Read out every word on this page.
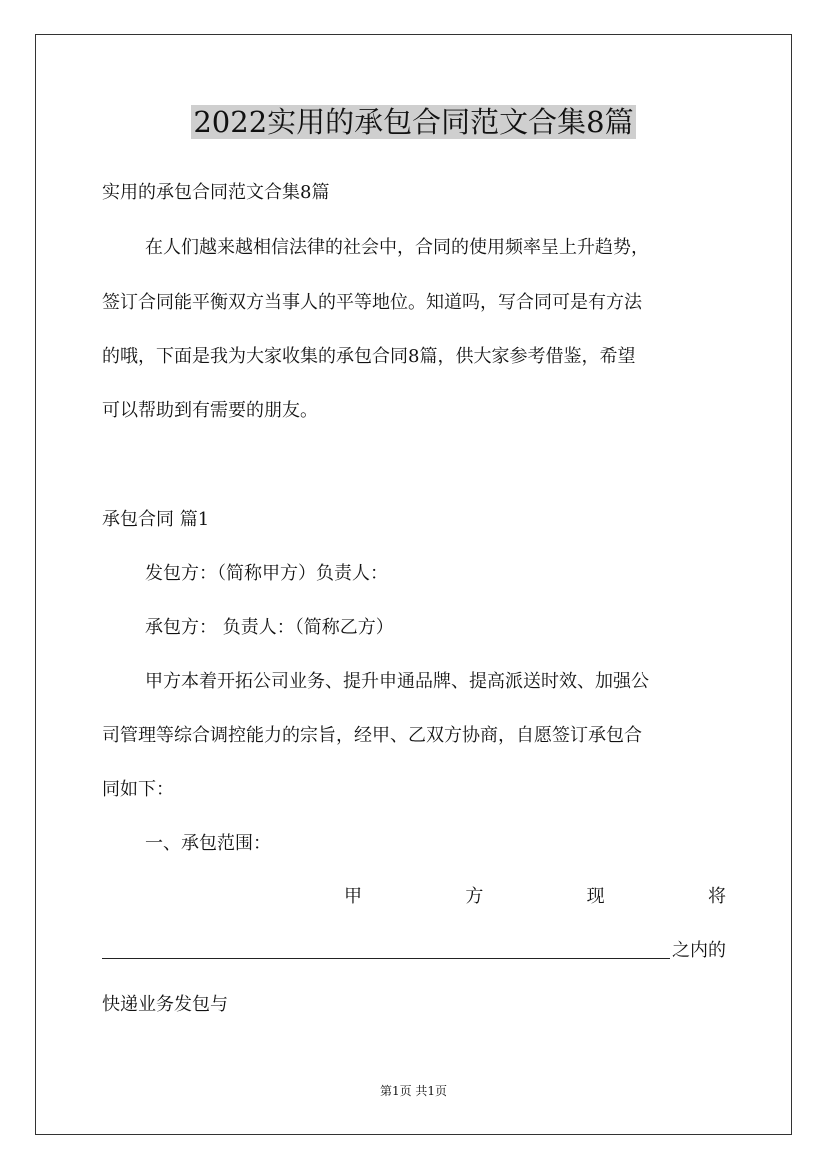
2022实用的承包合同范文合集8篇

实用的承包合同范文合集8篇

在人们越来越相信法律的社会中，合同的使用频率呈上升趋势，

签订合同能平衡双方当事人的平等地位。知道吗，写合同可是有方法

的哦，下面是我为大家收集的承包合同8篇，供大家参考借鉴，希望

可以帮助到有需要的朋友。

承包合同 篇1

发包方：（简称甲方）负责人：

承包方： 负责人：（简称乙方）

甲方本着开拓公司业务、提升申通品牌、提高派送时效、加强公

司管理等综合调控能力的宗旨，经甲、乙双方协商，自愿签订承包合

同如下：

一、承包范围：

甲	方	现	将
之内的

快递业务发包与

第1页 共1页
